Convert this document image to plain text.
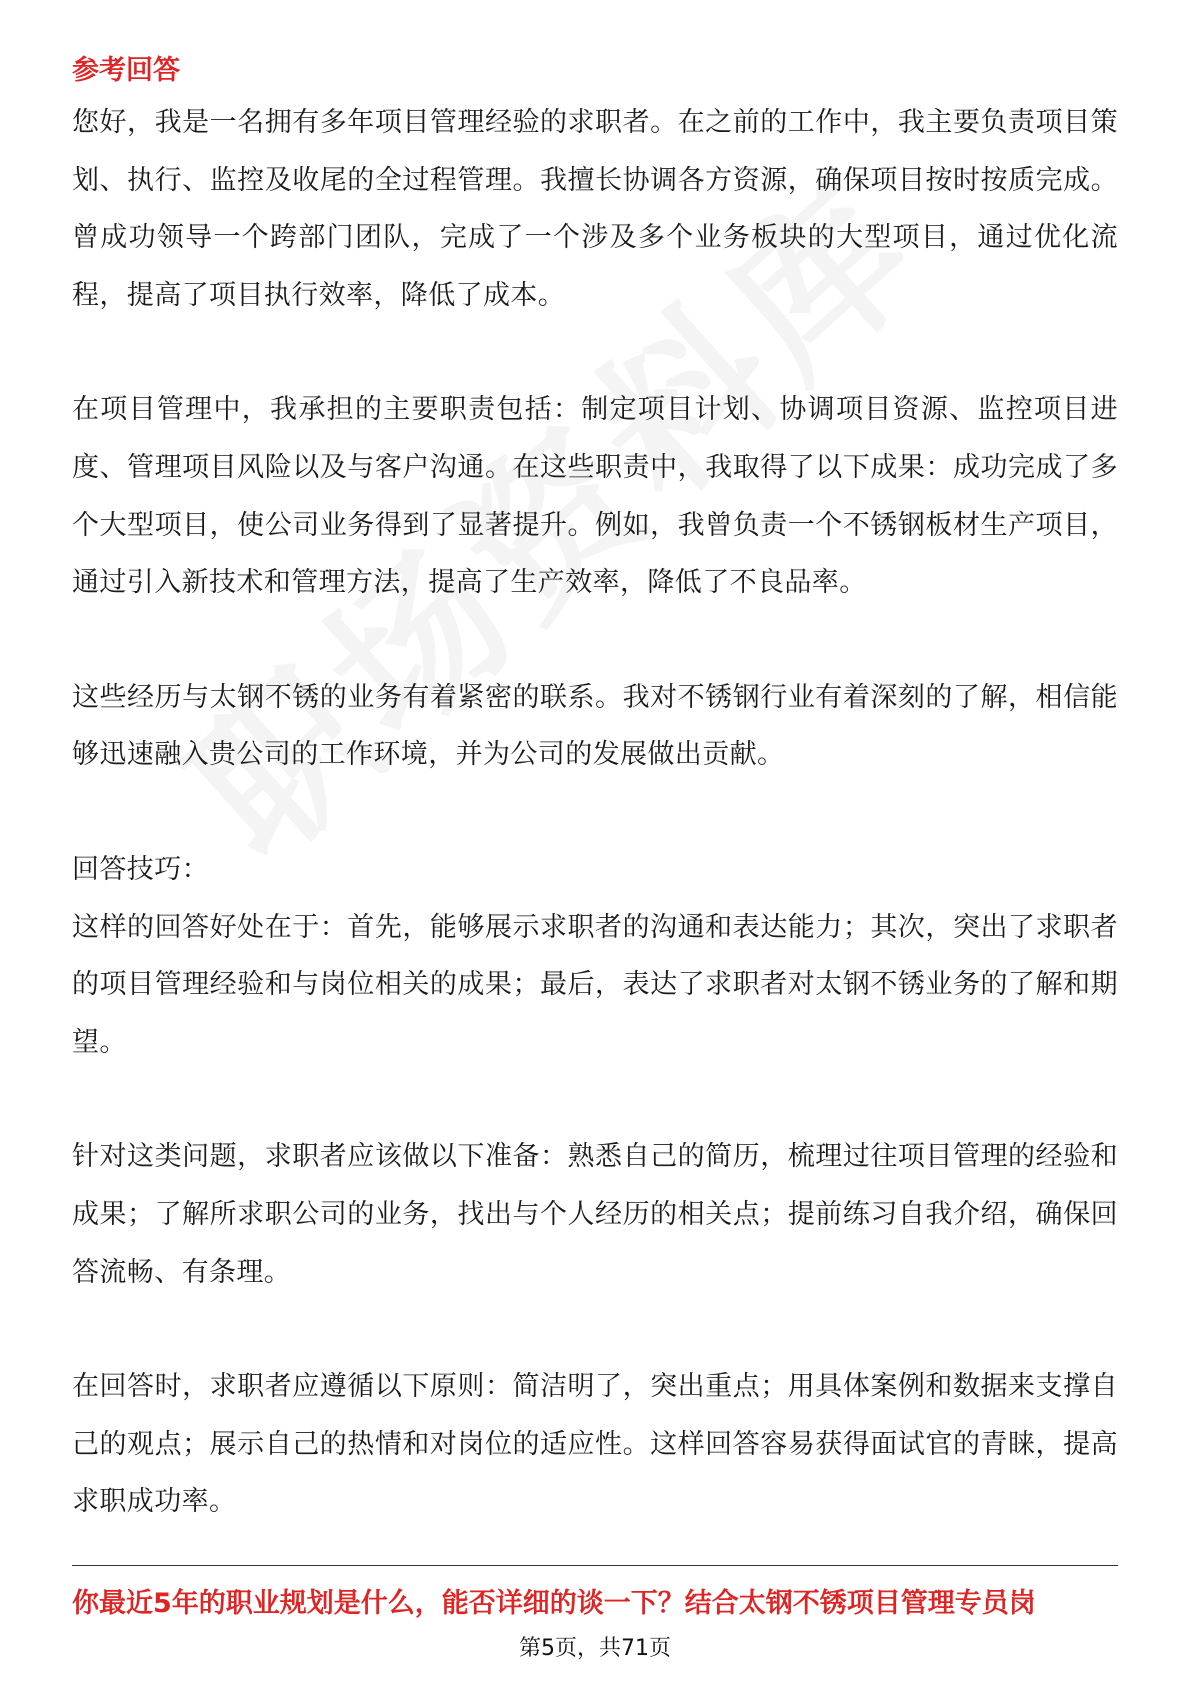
参考回答

您好，我是一名拥有多年项目管理经验的求职者。在之前的工作中，我主要负责项目策划、执行、监控及收尾的全过程管理。我擅长协调各方资源，确保项目按时按质完成。曾成功领导一个跨部门团队，完成了一个涉及多个业务板块的大型项目，通过优化流程，提高了项目执行效率，降低了成本。

在项目管理中，我承担的主要职责包括：制定项目计划、协调项目资源、监控项目进度、管理项目风险以及与客户沟通。在这些职责中，我取得了以下成果：成功完成了多个大型项目，使公司业务得到了显著提升。例如，我曾负责一个不锈钢板材生产项目，通过引入新技术和管理方法，提高了生产效率，降低了不良品率。

这些经历与太钢不锈的业务有着紧密的联系。我对不锈钢行业有着深刻的了解，相信能够迅速融入贵公司的工作环境，并为公司的发展做出贡献。

回答技巧：

这样的回答好处在于：首先，能够展示求职者的沟通和表达能力；其次，突出了求职者的项目管理经验和与岗位相关的成果；最后，表达了求职者对太钢不锈业务的了解和期望。

针对这类问题，求职者应该做以下准备：熟悉自己的简历，梳理过往项目管理的经验和成果；了解所求职公司的业务，找出与个人经历的相关点；提前练习自我介绍，确保回答流畅、有条理。

在回答时，求职者应遵循以下原则：简洁明了，突出重点；用具体案例和数据来支撑自己的观点；展示自己的热情和对岗位的适应性。这样回答容易获得面试官的青睐，提高求职成功率。

你最近5年的职业规划是什么，能否详细的谈一下？结合太钢不锈项目管理专员岗
第5页，共71页
